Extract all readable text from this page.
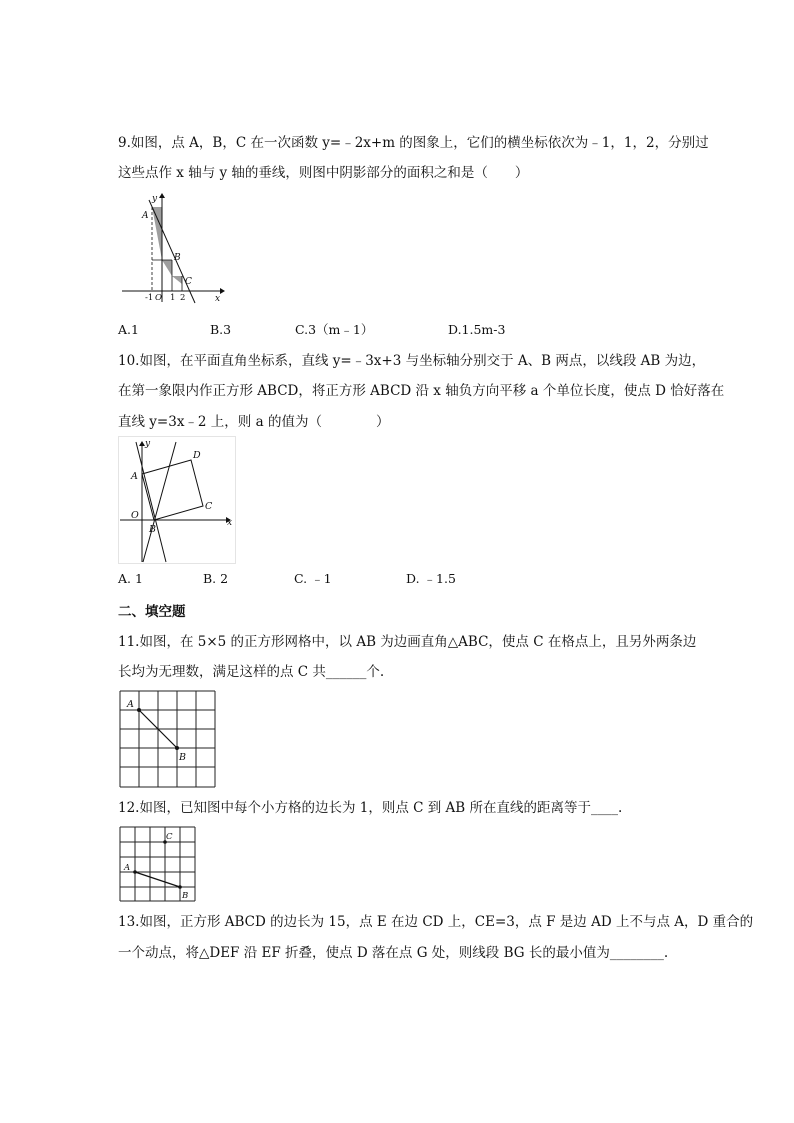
9.如图，点 A，B，C 在一次函数 y=﹣2x+m 的图象上，它们的横坐标依次为﹣1，1，2，分别过
这些点作 x 轴与 y 轴的垂线，则图中阴影部分的面积之和是（　　）
y
x
A
B
C
-1 O 1 2
A.1	B.3	C.3（m﹣1）	D.1.5m-3
10.如图，在平面直角坐标系，直线 y=﹣3x+3 与坐标轴分别交于 A、B 两点，以线段 AB 为边，
在第一象限内作正方形 ABCD，将正方形 ABCD 沿 x 轴负方向平移 a 个单位长度，使点 D 恰好落在
直线 y=3x﹣2 上，则 a 的值为（　　　　）
y
x
A
B
C
D
O
A. 1	B. 2	C. ﹣1	D. ﹣1.5
二、填空题
11.如图，在 5×5 的正方形网格中，以 AB 为边画直角△ABC，使点 C 在格点上，且另外两条边
长均为无理数，满足这样的点 C 共______个.
A
B
12.如图，已知图中每个小方格的边长为 1，则点 C 到 AB 所在直线的距离等于____.
A
B
C
13.如图，正方形 ABCD 的边长为 15，点 E 在边 CD 上，CE=3，点 F 是边 AD 上不与点 A，D 重合的
一个动点，将△DEF 沿 EF 折叠，使点 D 落在点 G 处，则线段 BG 长的最小值为________.
